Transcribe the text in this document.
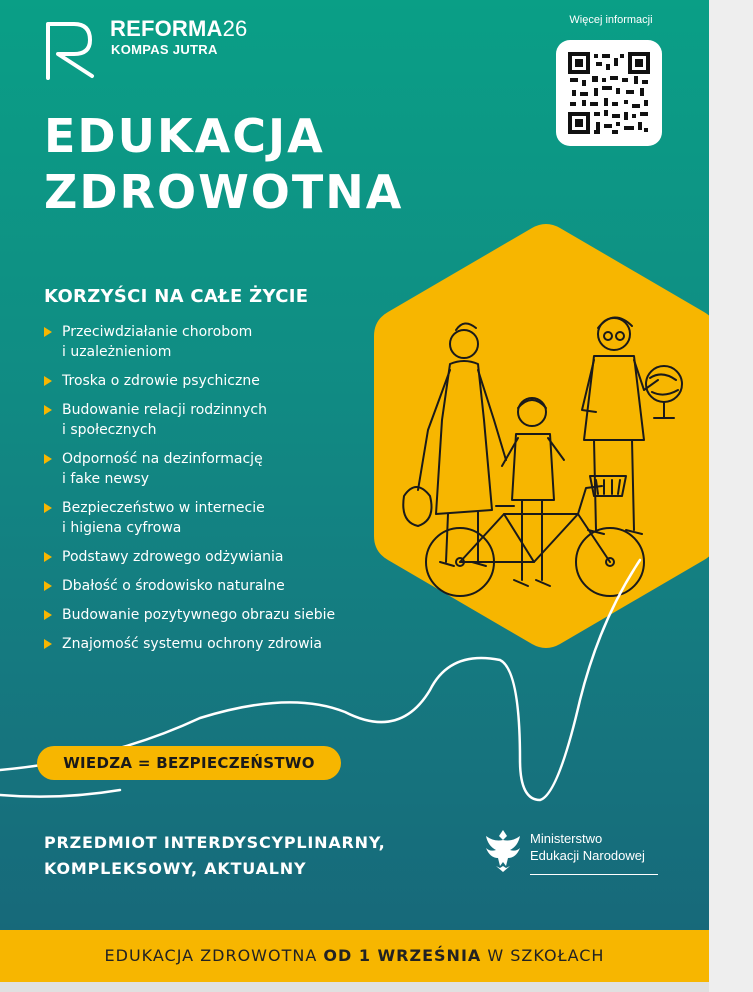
REFORMA26
KOMPAS JUTRA
Więcej informacji
EDUKACJA
ZDROWOTNA
KORZYŚCI NA CAŁE ŻYCIE
Przeciwdziałanie chorobom
i uzależnieniom
Troska o zdrowie psychiczne
Budowanie relacji rodzinnych
i społecznych
Odporność na dezinformację
i fake newsy
Bezpieczeństwo w internecie
i higiena cyfrowa
Podstawy zdrowego odżywiania
Dbałość o środowisko naturalne
Budowanie pozytywnego obrazu siebie
Znajomość systemu ochrony zdrowia
WIEDZA = BEZPIECZEŃSTWO
PRZEDMIOT INTERDYSCYPLINARNY,
KOMPLEKSOWY, AKTUALNY
Ministerstwo
Edukacji Narodowej
EDUKACJA ZDROWOTNA OD 1 WRZEŚNIA W SZKOŁACH
